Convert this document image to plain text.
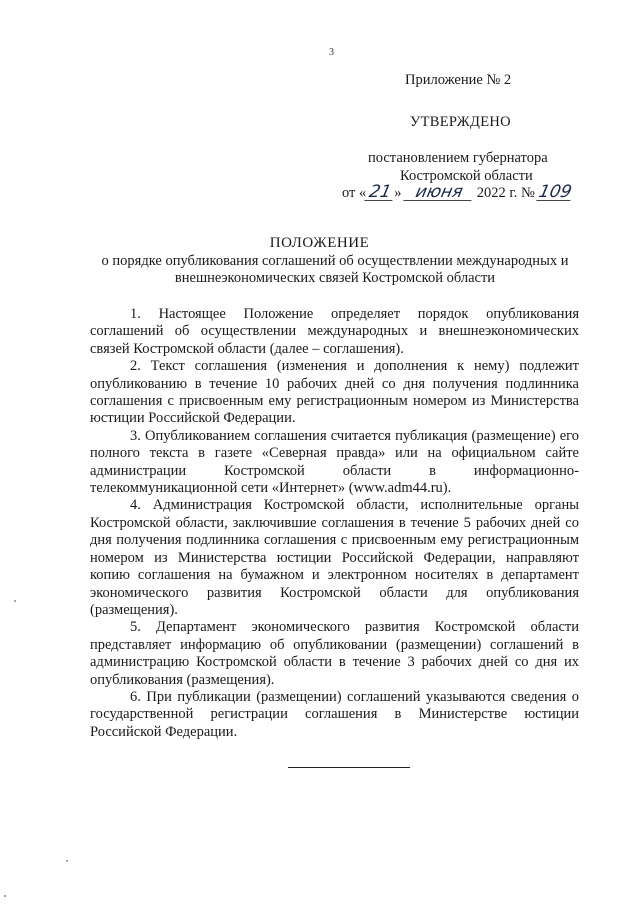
3
Приложение № 2
УТВЕРЖДЕНО
постановлением губернатора
Костромской области
от «21» июня 2022 г. № 109
ПОЛОЖЕНИЕ
о порядке опубликования соглашений об осуществлении международных и внешнеэкономических связей Костромской области

1. Настоящее Положение определяет порядок опубликования соглашений об осуществлении международных и внешнеэкономических связей Костромской области (далее – соглашения).

2. Текст соглашения (изменения и дополнения к нему) подлежит опубликованию в течение 10 рабочих дней со дня получения подлинника соглашения с присвоенным ему регистрационным номером из Министерства юстиции Российской Федерации.

3. Опубликованием соглашения считается публикация (размещение) его полного текста в газете «Северная правда» или на официальном сайте администрации Костромской области в информационно-телекоммуникационной сети «Интернет» (www.adm44.ru).

4. Администрация Костромской области, исполнительные органы Костромской области, заключившие соглашения в течение 5 рабочих дней со дня получения подлинника соглашения с присвоенным ему регистрационным номером из Министерства юстиции Российской Федерации, направляют копию соглашения на бумажном и электронном носителях в департамент экономического развития Костромской области для опубликования (размещения).

5. Департамент экономического развития Костромской области представляет информацию об опубликовании (размещении) соглашений в администрацию Костромской области в течение 3 рабочих дней со дня их опубликования (размещения).

6. При публикации (размещении) соглашений указываются сведения о государственной регистрации соглашения в Министерстве юстиции Российской Федерации.
